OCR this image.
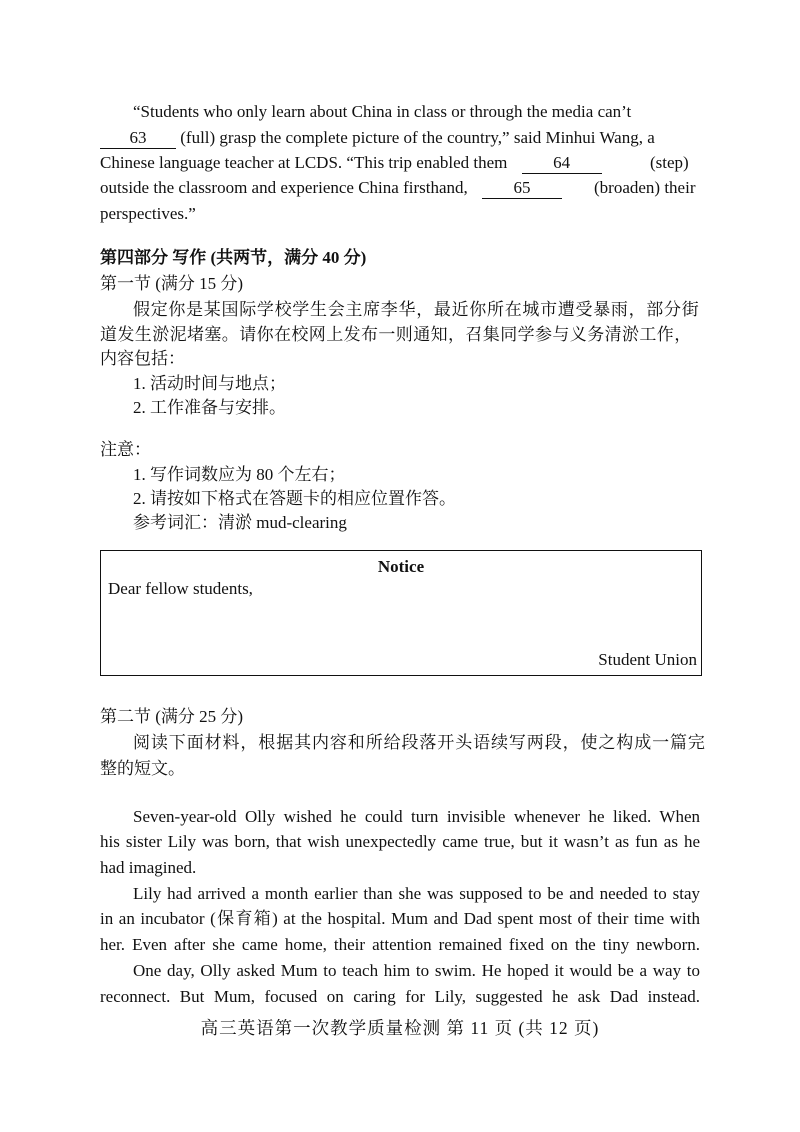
“Students who only learn about China in class or through the media can’t
63 (full) grasp the complete picture of the country,” said Minhui Wang, a
Chinese language teacher at LCDS. “This trip enabled them	64	(step)
outside the classroom and experience China firsthand,	65	(broaden) their
perspectives.”
第四部分 写作 (共两节，满分 40 分)
第一节 (满分 15 分)
假定你是某国际学校学生会主席李华，最近你所在城市遭受暴雨，部分街
道发生淤泥堵塞。请你在校网上发布一则通知，召集同学参与义务清淤工作，
内容包括：
1. 活动时间与地点；
2. 工作准备与安排。
注意：
1. 写作词数应为 80 个左右；
2. 请按如下格式在答题卡的相应位置作答。
参考词汇：清淤 mud-clearing
Notice
Dear fellow students,
Student Union
第二节 (满分 25 分)
阅读下面材料，根据其内容和所给段落开头语续写两段，使之构成一篇完
整的短文。
Seven-year-old Olly wished he could turn invisible whenever he liked. When
his sister Lily was born, that wish unexpectedly came true, but it wasn’t as fun as he
had imagined.
Lily had arrived a month earlier than she was supposed to be and needed to stay
in an incubator (保育箱) at the hospital. Mum and Dad spent most of their time with
her. Even after she came home, their attention remained fixed on the tiny newborn.
One day, Olly asked Mum to teach him to swim. He hoped it would be a way to
reconnect. But Mum, focused on caring for Lily, suggested he ask Dad instead.
高三英语第一次教学质量检测 第 11 页 (共 12 页)
